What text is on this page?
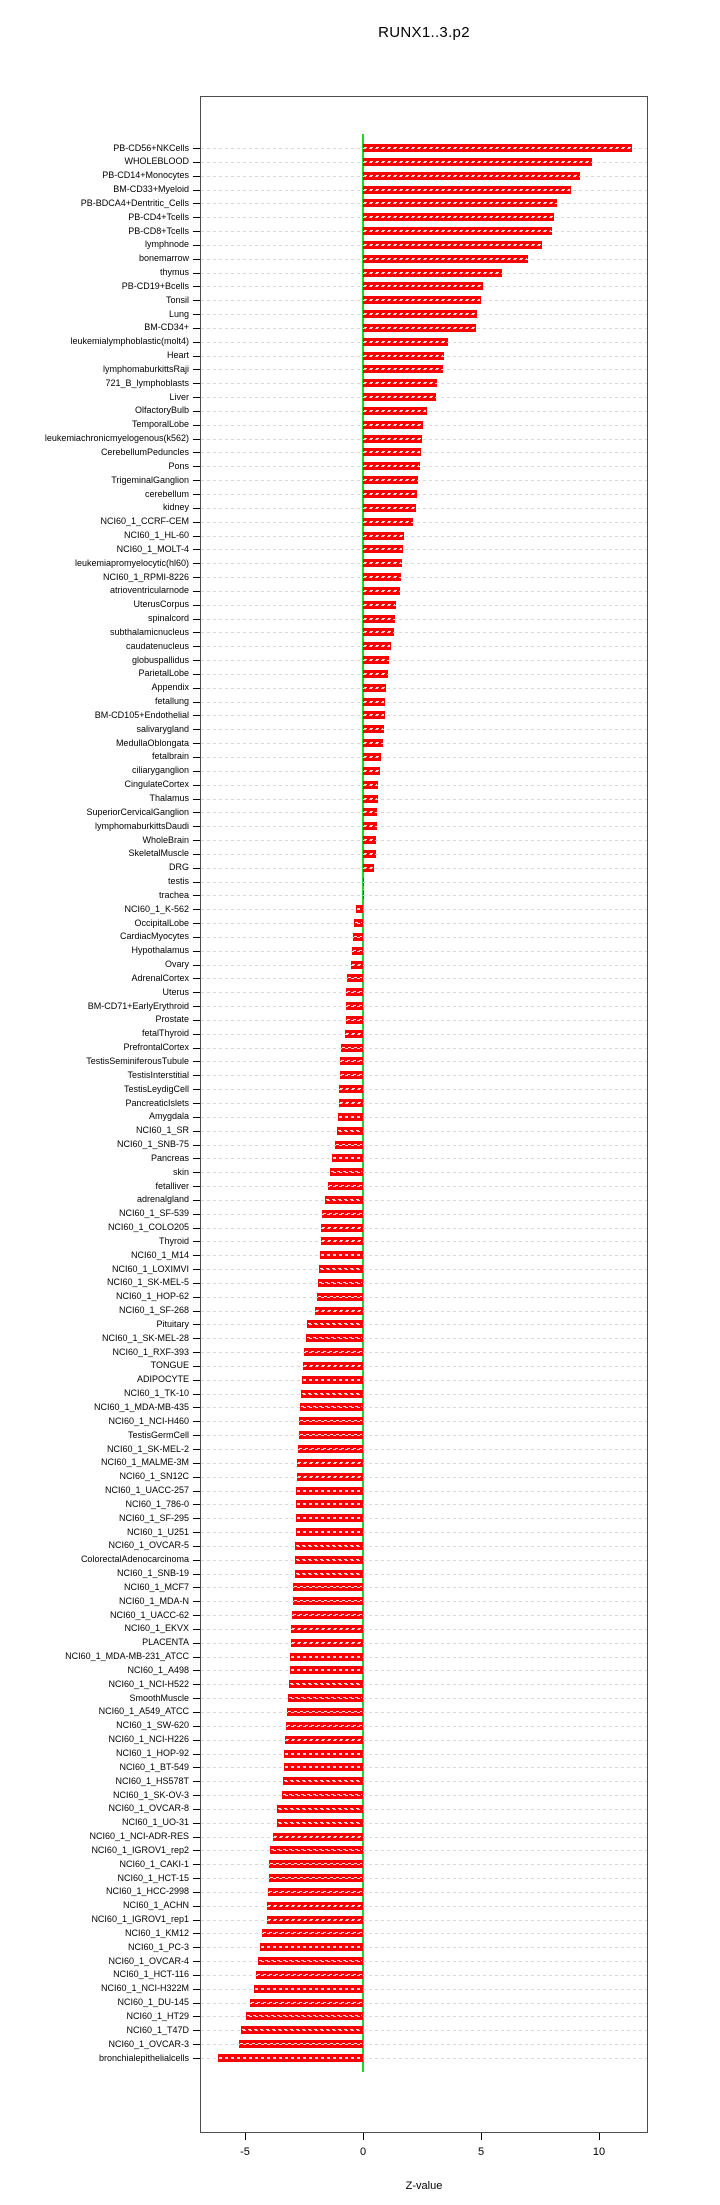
RUNX1..3.p2
PB-CD56+NKCells
WHOLEBLOOD
PB-CD14+Monocytes
BM-CD33+Myeloid
PB-BDCA4+Dentritic_Cells
PB-CD4+Tcells
PB-CD8+Tcells
lymphnode
bonemarrow
thymus
PB-CD19+Bcells
Tonsil
Lung
BM-CD34+
leukemialymphoblastic(molt4)
Heart
lymphomaburkittsRaji
721_B_lymphoblasts
Liver
OlfactoryBulb
TemporalLobe
leukemiachronicmyelogenous(k562)
CerebellumPeduncles
Pons
TrigeminalGanglion
cerebellum
kidney
NCI60_1_CCRF-CEM
NCI60_1_HL-60
NCI60_1_MOLT-4
leukemiapromyelocytic(hl60)
NCI60_1_RPMI-8226
atrioventricularnode
UterusCorpus
spinalcord
subthalamicnucleus
caudatenucleus
globuspallidus
ParietalLobe
Appendix
fetallung
BM-CD105+Endothelial
salivarygland
MedullaOblongata
fetalbrain
ciliaryganglion
CingulateCortex
Thalamus
SuperiorCervicalGanglion
lymphomaburkittsDaudi
WholeBrain
SkeletalMuscle
DRG
testis
trachea
NCI60_1_K-562
OccipitalLobe
CardiacMyocytes
Hypothalamus
Ovary
AdrenalCortex
Uterus
BM-CD71+EarlyErythroid
Prostate
fetalThyroid
PrefrontalCortex
TestisSeminiferousTubule
TestisInterstitial
TestisLeydigCell
PancreaticIslets
Amygdala
NCI60_1_SR
NCI60_1_SNB-75
Pancreas
skin
fetalliver
adrenalgland
NCI60_1_SF-539
NCI60_1_COLO205
Thyroid
NCI60_1_M14
NCI60_1_LOXIMVI
NCI60_1_SK-MEL-5
NCI60_1_HOP-62
NCI60_1_SF-268
Pituitary
NCI60_1_SK-MEL-28
NCI60_1_RXF-393
TONGUE
ADIPOCYTE
NCI60_1_TK-10
NCI60_1_MDA-MB-435
NCI60_1_NCI-H460
TestisGermCell
NCI60_1_SK-MEL-2
NCI60_1_MALME-3M
NCI60_1_SN12C
NCI60_1_UACC-257
NCI60_1_786-0
NCI60_1_SF-295
NCI60_1_U251
NCI60_1_OVCAR-5
ColorectalAdenocarcinoma
NCI60_1_SNB-19
NCI60_1_MCF7
NCI60_1_MDA-N
NCI60_1_UACC-62
NCI60_1_EKVX
PLACENTA
NCI60_1_MDA-MB-231_ATCC
NCI60_1_A498
NCI60_1_NCI-H522
SmoothMuscle
NCI60_1_A549_ATCC
NCI60_1_SW-620
NCI60_1_NCI-H226
NCI60_1_HOP-92
NCI60_1_BT-549
NCI60_1_HS578T
NCI60_1_SK-OV-3
NCI60_1_OVCAR-8
NCI60_1_UO-31
NCI60_1_NCI-ADR-RES
NCI60_1_IGROV1_rep2
NCI60_1_CAKI-1
NCI60_1_HCT-15
NCI60_1_HCC-2998
NCI60_1_ACHN
NCI60_1_IGROV1_rep1
NCI60_1_KM12
NCI60_1_PC-3
NCI60_1_OVCAR-4
NCI60_1_HCT-116
NCI60_1_NCI-H322M
NCI60_1_DU-145
NCI60_1_HT29
NCI60_1_T47D
NCI60_1_OVCAR-3
bronchialepithelialcells
-5	0	5	10
Z-value
